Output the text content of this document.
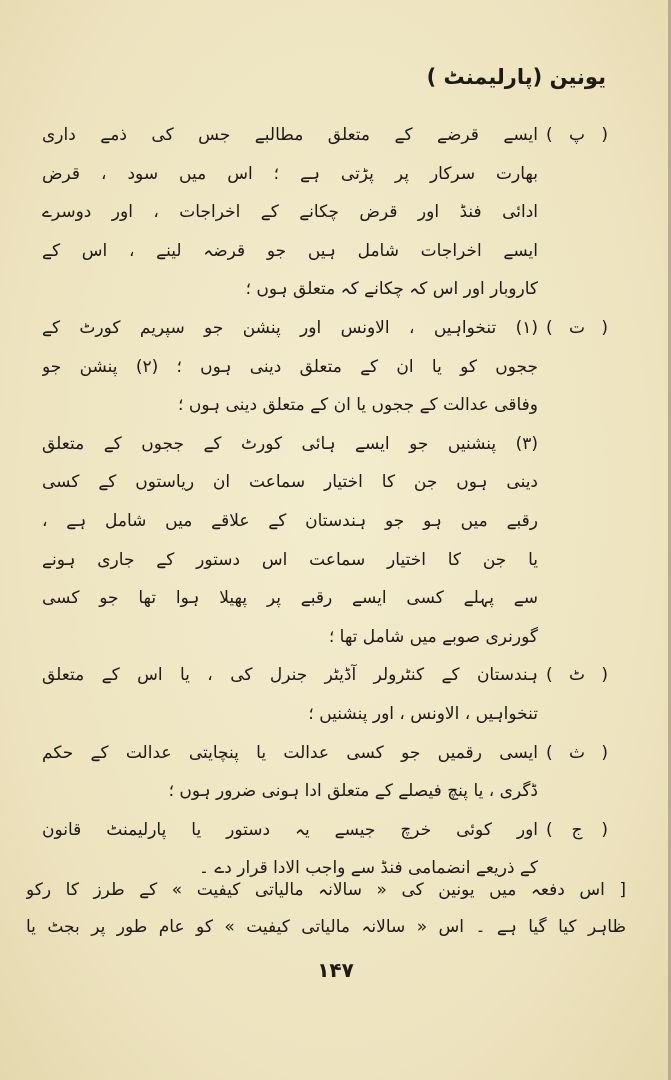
یونین (پارلیمنٹ )
( پ )ایسے قرضے کے متعلق مطالبے جس کی ذمے داری
بھارت سرکار پر پڑتی ہے ؛ اس میں سود ، قرض
ادائی فنڈ اور قرض چکانے کے اخراجات ، اور دوسرے
ایسے اخراجات شامل ہیں جو قرضہ لینے ، اس کے
کاروبار اور اس کہ چکانے کہ متعلق ہوں ؛
( ت )(۱) تنخواہیں ، الاونس اور پنشن جو سپریم کورٹ کے
ججوں کو یا ان کے متعلق دینی ہوں ؛ (۲) پنشن جو
وفاقی عدالت کے ججوں یا ان کے متعلق دینی ہوں ؛
(۳) پنشنیں جو ایسے ہائی کورٹ کے ججوں کے متعلق
دینی ہوں جن کا اختیار سماعت ان ریاستوں کے کسی
رقبے میں ہو جو ہندستان کے علاقے میں شامل ہے ،
یا جن کا اختیار سماعت اس دستور کے جاری ہونے
سے پہلے کسی ایسے رقبے پر پھیلا ہوا تھا جو کسی
گورنری صوبے میں شامل تھا ؛
( ٹ )ہندستان کے کنٹرولر آڈیٹر جنرل کی ، یا اس کے متعلق
تنخواہیں ، الاونس ، اور پنشنیں ؛
( ث )ایسی رقمیں جو کسی عدالت یا پنچایتی عدالت کے حکم
ڈگری ، یا پنچ فیصلے کے متعلق ادا ہونی ضرور ہوں ؛
( ج )اور کوئی خرچ جیسے یہ دستور یا پارلیمنٹ قانون
کے ذریعے انضمامی فنڈ سے واجب الادا قرار دے ۔
[ اس دفعہ میں یونین کی « سالانہ مالیاتی کیفیت » کے طرز کا رکو
ظاہر کیا گیا ہے ۔ اس « سالانہ مالیاتی کیفیت » کو عام طور پر بجٹ یا
۱۴۷
